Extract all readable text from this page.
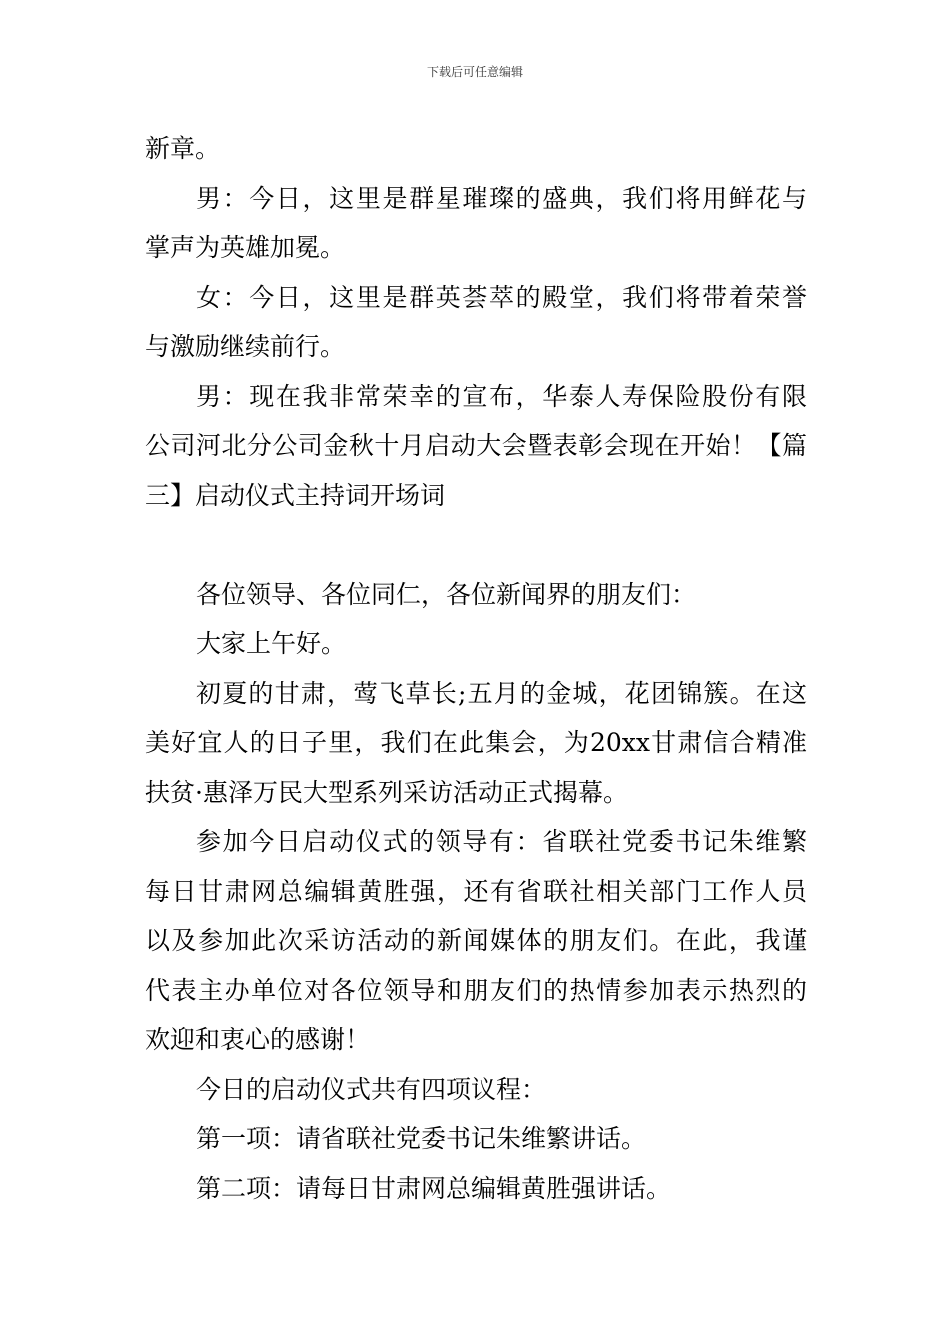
下载后可任意编辑
新章。
男：今日，这里是群星璀璨的盛典，我们将用鲜花与
掌声为英雄加冕。
女：今日，这里是群英荟萃的殿堂，我们将带着荣誉
与激励继续前行。
男：现在我非常荣幸的宣布，华泰人寿保险股份有限
公司河北分公司金秋十月启动大会暨表彰会现在开始！【篇
三】启动仪式主持词开场词
各位领导、各位同仁，各位新闻界的朋友们：
大家上午好。
初夏的甘肃，莺飞草长;五月的金城，花团锦簇。在这
美好宜人的日子里，我们在此集会，为20xx甘肃信合精准
扶贫·惠泽万民大型系列采访活动正式揭幕。
参加今日启动仪式的领导有：省联社党委书记朱维繁
每日甘肃网总编辑黄胜强，还有省联社相关部门工作人员
以及参加此次采访活动的新闻媒体的朋友们。在此，我谨
代表主办单位对各位领导和朋友们的热情参加表示热烈的
欢迎和衷心的感谢！
今日的启动仪式共有四项议程：
第一项：请省联社党委书记朱维繁讲话。
第二项：请每日甘肃网总编辑黄胜强讲话。
